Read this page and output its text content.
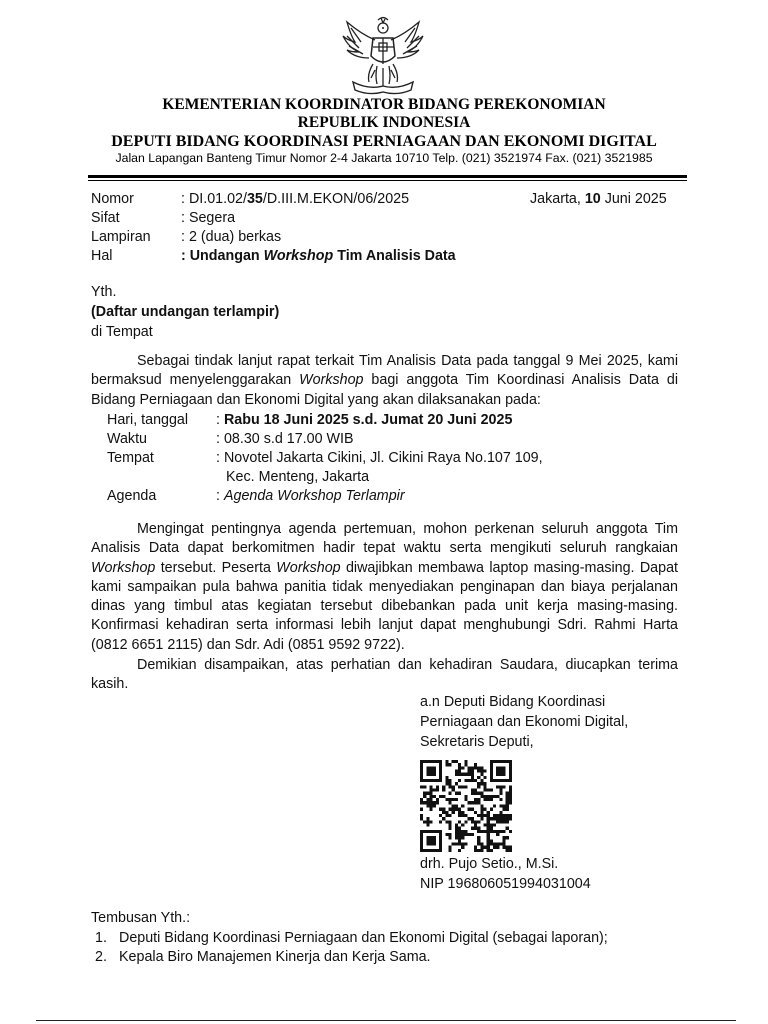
KEMENTERIAN KOORDINATOR BIDANG PEREKONOMIAN
REPUBLIK INDONESIA
DEPUTI BIDANG KOORDINASI PERNIAGAAN DAN EKONOMI DIGITAL
Jalan Lapangan Banteng Timur Nomor 2-4 Jakarta 10710 Telp. (021) 3521974 Fax. (021) 3521985
Nomor	: DI.01.02/35/D.III.M.EKON/06/2025
Sifat	: Segera
Lampiran : 2 (dua) berkas
Hal	: Undangan Workshop Tim Analisis Data
Jakarta, 10 Juni 2025
Yth.
(Daftar undangan terlampir)
di Tempat

Sebagai tindak lanjut rapat terkait Tim Analisis Data pada tanggal 9 Mei 2025, kami bermaksud menyelenggarakan Workshop bagi anggota Tim Koordinasi Analisis Data di Bidang Perniagaan dan Ekonomi Digital yang akan dilaksanakan pada:

Hari, tanggal : Rabu 18 Juni 2025 s.d. Jumat 20 Juni 2025
Waktu	: 08.30 s.d 17.00 WIB
Tempat	: Novotel Jakarta Cikini, Jl. Cikini Raya No.107 109,
Kec. Menteng, Jakarta
Agenda	: Agenda Workshop Terlampir

Mengingat pentingnya agenda pertemuan, mohon perkenan seluruh anggota Tim Analisis Data dapat berkomitmen hadir tepat waktu serta mengikuti seluruh rangkaian Workshop tersebut. Peserta Workshop diwajibkan membawa laptop masing-masing. Dapat kami sampaikan pula bahwa panitia tidak menyediakan penginapan dan biaya perjalanan dinas yang timbul atas kegiatan tersebut dibebankan pada unit kerja masing-masing. Konfirmasi kehadiran serta informasi lebih lanjut dapat menghubungi Sdri. Rahmi Harta (0812 6651 2115) dan Sdr. Adi (0851 9592 9722).

Demikian disampaikan, atas perhatian dan kehadiran Saudara, diucapkan terima kasih.

a.n Deputi Bidang Koordinasi
Perniagaan dan Ekonomi Digital,
Sekretaris Deputi,
drh. Pujo Setio., M.Si.
NIP 196806051994031004
Tembusan Yth.:
1. Deputi Bidang Koordinasi Perniagaan dan Ekonomi Digital (sebagai laporan);
2. Kepala Biro Manajemen Kinerja dan Kerja Sama.
